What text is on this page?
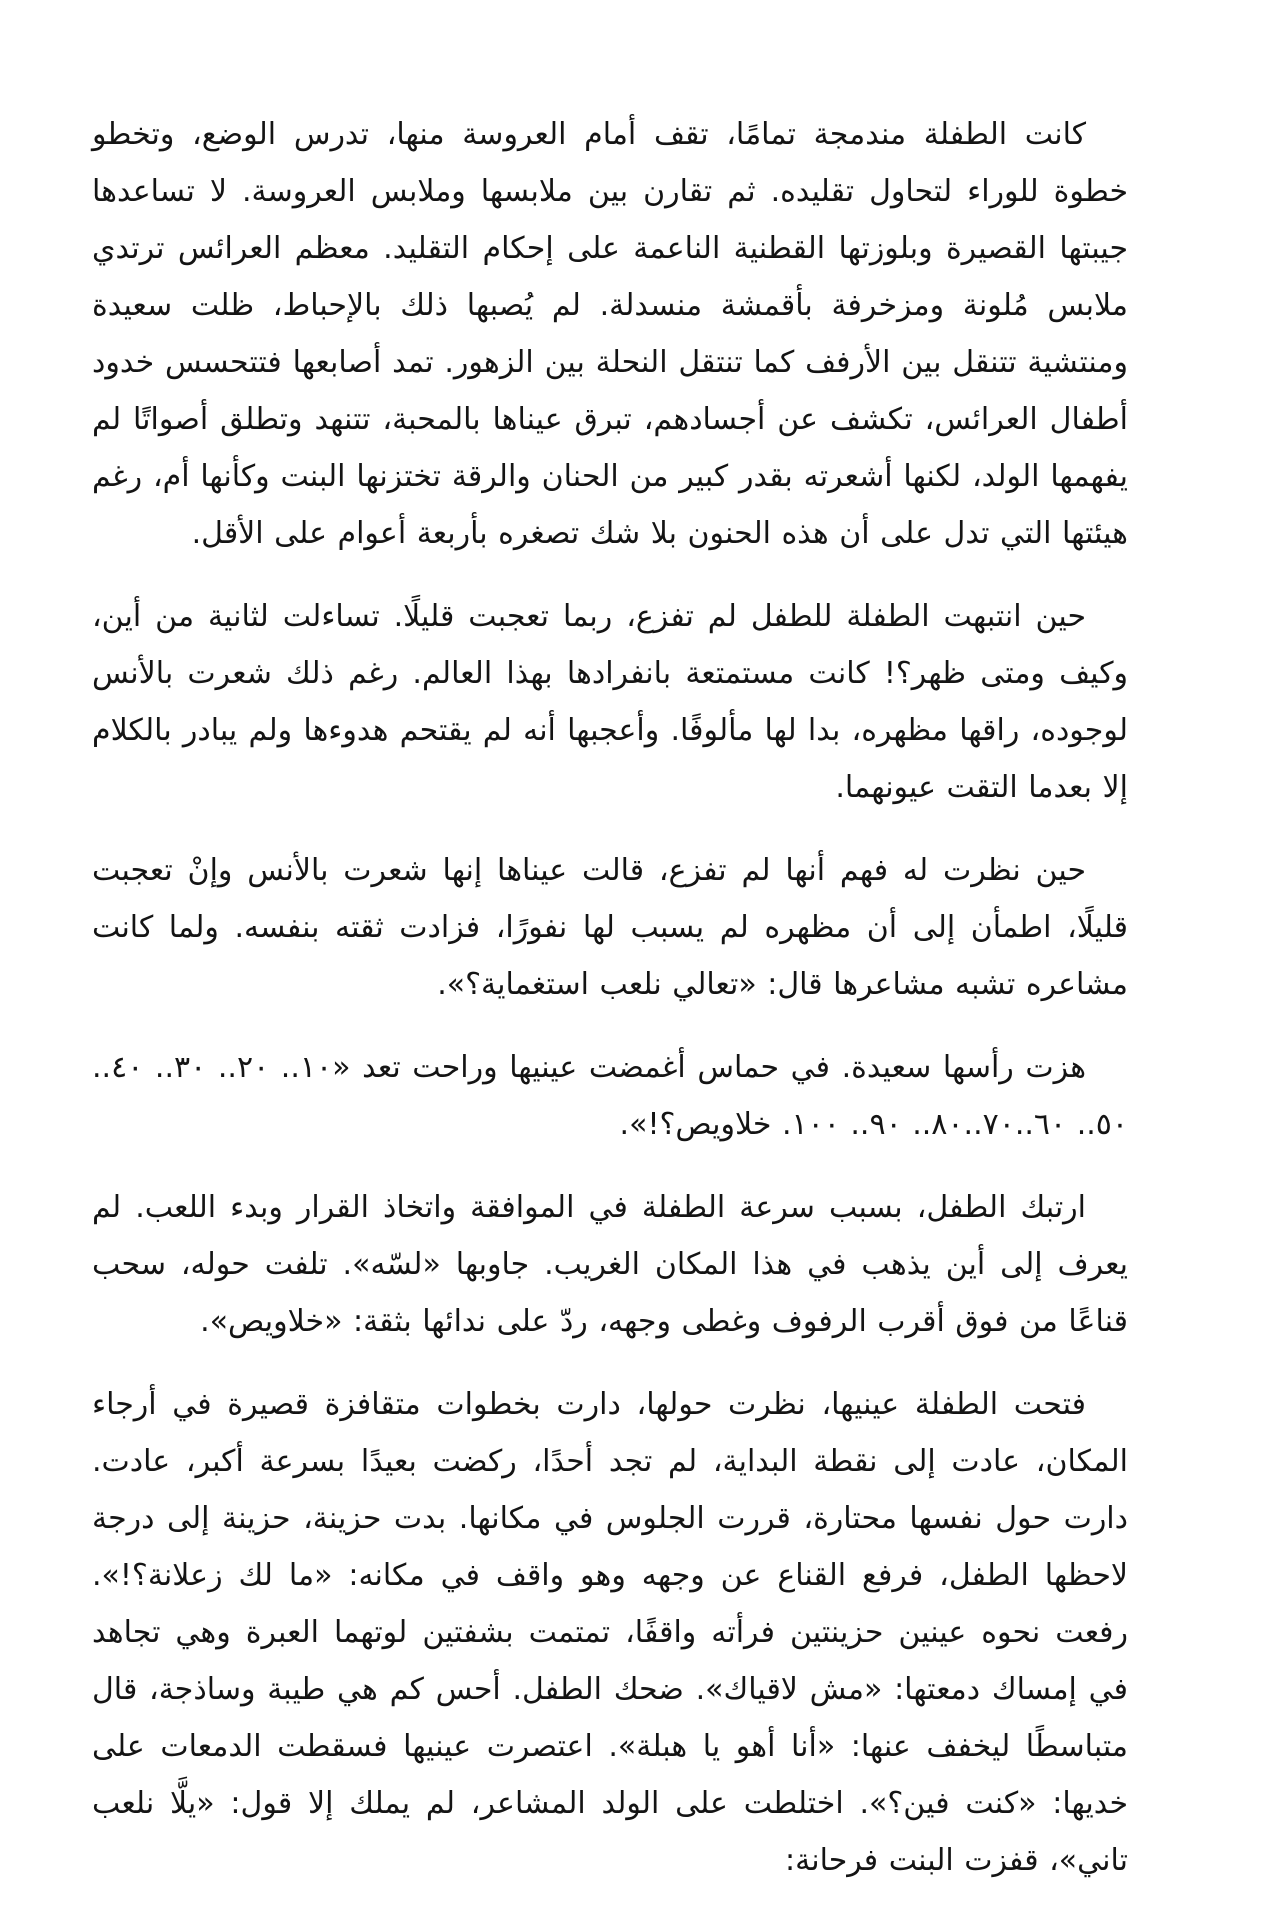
كانت الطفلة مندمجة تمامًا، تقف أمام العروسة منها، تدرس الوضع، وتخطو خطوة للوراء لتحاول تقليده. ثم تقارن بين ملابسها وملابس العروسة. لا تساعدها جيبتها القصيرة وبلوزتها القطنية الناعمة على إحكام التقليد. معظم العرائس ترتدي ملابس مُلونة ومزخرفة بأقمشة منسدلة. لم يُصبها ذلك بالإحباط، ظلت سعيدة ومنتشية تتنقل بين الأرفف كما تنتقل النحلة بين الزهور. تمد أصابعها فتتحسس خدود أطفال العرائس، تكشف عن أجسادهم، تبرق عيناها بالمحبة، تتنهد وتطلق أصواتًا لم يفهمها الولد، لكنها أشعرته بقدر كبير من الحنان والرقة تختزنها البنت وكأنها أم، رغم هيئتها التي تدل على أن هذه الحنون بلا شك تصغره بأربعة أعوام على الأقل.

حين انتبهت الطفلة للطفل لم تفزع، ربما تعجبت قليلًا. تساءلت لثانية من أين، وكيف ومتى ظهر؟! كانت مستمتعة بانفرادها بهذا العالم. رغم ذلك شعرت بالأنس لوجوده، راقها مظهره، بدا لها مألوفًا. وأعجبها أنه لم يقتحم هدوءها ولم يبادر بالكلام إلا بعدما التقت عيونهما.

حين نظرت له فهم أنها لم تفزع، قالت عيناها إنها شعرت بالأنس وإنْ تعجبت قليلًا، اطمأن إلى أن مظهره لم يسبب لها نفورًا، فزادت ثقته بنفسه. ولما كانت مشاعره تشبه مشاعرها قال: «تعالي نلعب استغماية؟».

هزت رأسها سعيدة. في حماس أغمضت عينيها وراحت تعد «١٠.. ٢٠.. ٣٠.. ٤٠.. ٥٠.. ٦٠..٧٠..٨٠.. ٩٠.. ١٠٠. خلاويص؟!».

ارتبك الطفل، بسبب سرعة الطفلة في الموافقة واتخاذ القرار وبدء اللعب. لم يعرف إلى أين يذهب في هذا المكان الغريب. جاوبها «لسّه». تلفت حوله، سحب قناعًا من فوق أقرب الرفوف وغطى وجهه، ردّ على ندائها بثقة: «خلاويص».

فتحت الطفلة عينيها، نظرت حولها، دارت بخطوات متقافزة قصيرة في أرجاء المكان، عادت إلى نقطة البداية، لم تجد أحدًا، ركضت بعيدًا بسرعة أكبر، عادت. دارت حول نفسها محتارة، قررت الجلوس في مكانها. بدت حزينة، حزينة إلى درجة لاحظها الطفل، فرفع القناع عن وجهه وهو واقف في مكانه: «ما لك زعلانة؟!». رفعت نحوه عينين حزينتين فرأته واقفًا، تمتمت بشفتين لوتهما العبرة وهي تجاهد في إمساك دمعتها: «مش لاقياك». ضحك الطفل. أحس كم هي طيبة وساذجة، قال متباسطًا ليخفف عنها: «أنا أهو يا هبلة». اعتصرت عينيها فسقطت الدمعات على خديها: «كنت فين؟». اختلطت على الولد المشاعر، لم يملك إلا قول: «يلَّا نلعب تاني»، قفزت البنت فرحانة:
